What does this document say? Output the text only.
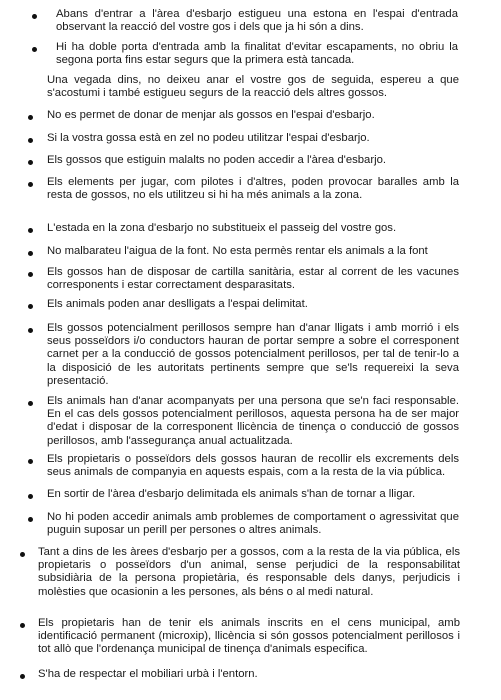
Abans d'entrar a l'àrea d'esbarjo estigueu una estona en l'espai d'entrada observant la reacció del vostre gos i dels que ja hi són a dins.
Hi ha doble porta d'entrada amb la finalitat d'evitar escapaments, no obriu la segona porta fins estar segurs que la primera està tancada.
Una vegada dins, no deixeu anar el vostre gos de seguida, espereu a que s'acostumi i també estigueu segurs de la reacció dels altres gossos.
No es permet de donar de menjar als gossos en l'espai d'esbarjo.
Si la vostra gossa està en zel no podeu utilitzar l'espai d'esbarjo.
Els gossos que estiguin malalts no poden accedir a l'àrea d'esbarjo.
Els elements per jugar, com pilotes i d'altres, poden provocar baralles amb la resta de gossos, no els utilitzeu si hi ha més animals a la zona.
L'estada en la zona d'esbarjo no substitueix el passeig del vostre gos.
No malbarateu l'aigua de la font. No esta permès rentar els animals a la font
Els gossos han de disposar de cartilla sanitària, estar al corrent de les vacunes corresponents i estar correctament desparasitats.
Els animals poden anar deslligats a l'espai delimitat.
Els gossos potencialment perillosos sempre han d'anar lligats i amb morrió i els seus posseïdors i/o conductors hauran de portar sempre a sobre el corresponent carnet per a la conducció de gossos potencialment perillosos, per tal de tenir-lo a la disposició de les autoritats pertinents sempre que se'ls requereixi la seva presentació.
Els animals han d'anar acompanyats per una persona que se'n faci responsable. En el cas dels gossos potencialment perillosos, aquesta persona ha de ser major d'edat i disposar de la corresponent llicència de tinença o conducció de gossos perillosos, amb l'assegurança anual actualitzada.
Els propietaris o posseïdors dels gossos hauran de recollir els excrements dels seus animals de companyia en aquests espais, com a la resta de la via pública.
En sortir de l'àrea d'esbarjo delimitada els animals s'han de tornar a lligar.
No hi poden accedir animals amb problemes de comportament o agressivitat que puguin suposar un perill per persones o altres animals.
Tant a dins de les àrees d'esbarjo per a gossos, com a la resta de la via pública, els propietaris o posseïdors d'un animal, sense perjudici de la responsabilitat subsidiària de la persona propietària, és responsable dels danys, perjudicis i molèsties que ocasionin a les persones, als béns o al medi natural.
Els propietaris han de tenir els animals inscrits en el cens municipal, amb identificació permanent (microxip), llicència si són gossos potencialment perillosos i tot allò que l'ordenança municipal de tinença d'animals especifica.
S'ha de respectar el mobiliari urbà i l'entorn.
